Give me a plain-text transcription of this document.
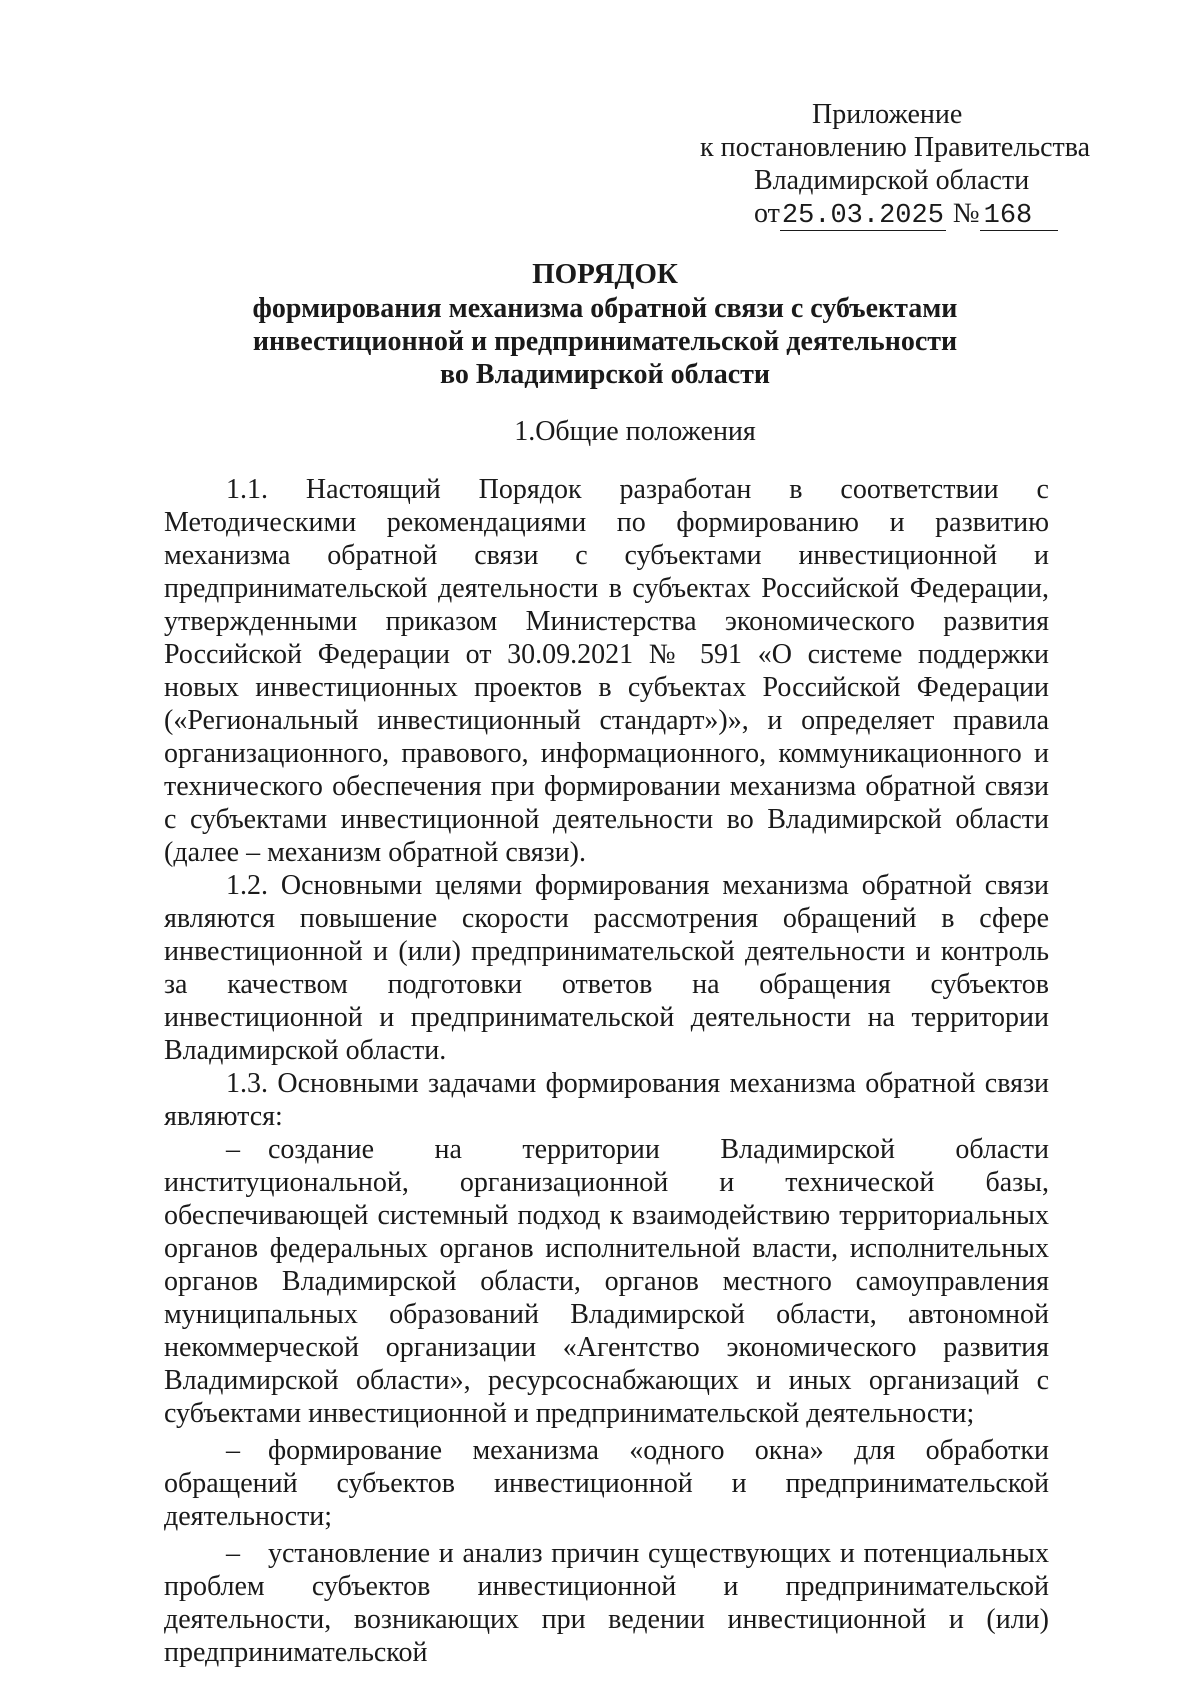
Приложение
к постановлению Правительства
Владимирской области
от25.03.2025 № 168
ПОРЯДОК
формирования механизма обратной связи с субъектами
инвестиционной и предпринимательской деятельности
во Владимирской области
1.Общие положения

1.1. Настоящий Порядок разработан в соответствии с Методическими рекомендациями по формированию и развитию механизма обратной связи с субъектами инвестиционной и предпринимательской деятельности в субъектах Российской Федерации, утвержденными приказом Министерства экономического развития Российской Федерации от 30.09.2021 № 591 «О системе поддержки новых инвестиционных проектов в субъектах Российской Федерации («Региональный инвестиционный стандарт»)», и определяет правила организационного, правового, информационного, коммуникационного и технического обеспечения при формировании механизма обратной связи с субъектами инвестиционной деятельности во Владимирской области (далее – механизм обратной связи).

1.2. Основными целями формирования механизма обратной связи являются повышение скорости рассмотрения обращений в сфере инвестиционной и (или) предпринимательской деятельности и контроль за качеством подготовки ответов на обращения субъектов инвестиционной и предпринимательской деятельности на территории Владимирской области.

1.3. Основными задачами формирования механизма обратной связи являются:

– создание на территории Владимирской области институциональной, организационной и технической базы, обеспечивающей системный подход к взаимодействию территориальных органов федеральных органов исполнительной власти, исполнительных органов Владимирской области, органов местного самоуправления муниципальных образований Владимирской области, автономной некоммерческой организации «Агентство экономического развития Владимирской области», ресурсоснабжающих и иных организаций с субъектами инвестиционной и предпринимательской деятельности;

– формирование механизма «одного окна» для обработки обращений субъектов инвестиционной и предпринимательской деятельности;

– установление и анализ причин существующих и потенциальных проблем субъектов инвестиционной и предпринимательской деятельности, возникающих при ведении инвестиционной и (или) предпринимательской
